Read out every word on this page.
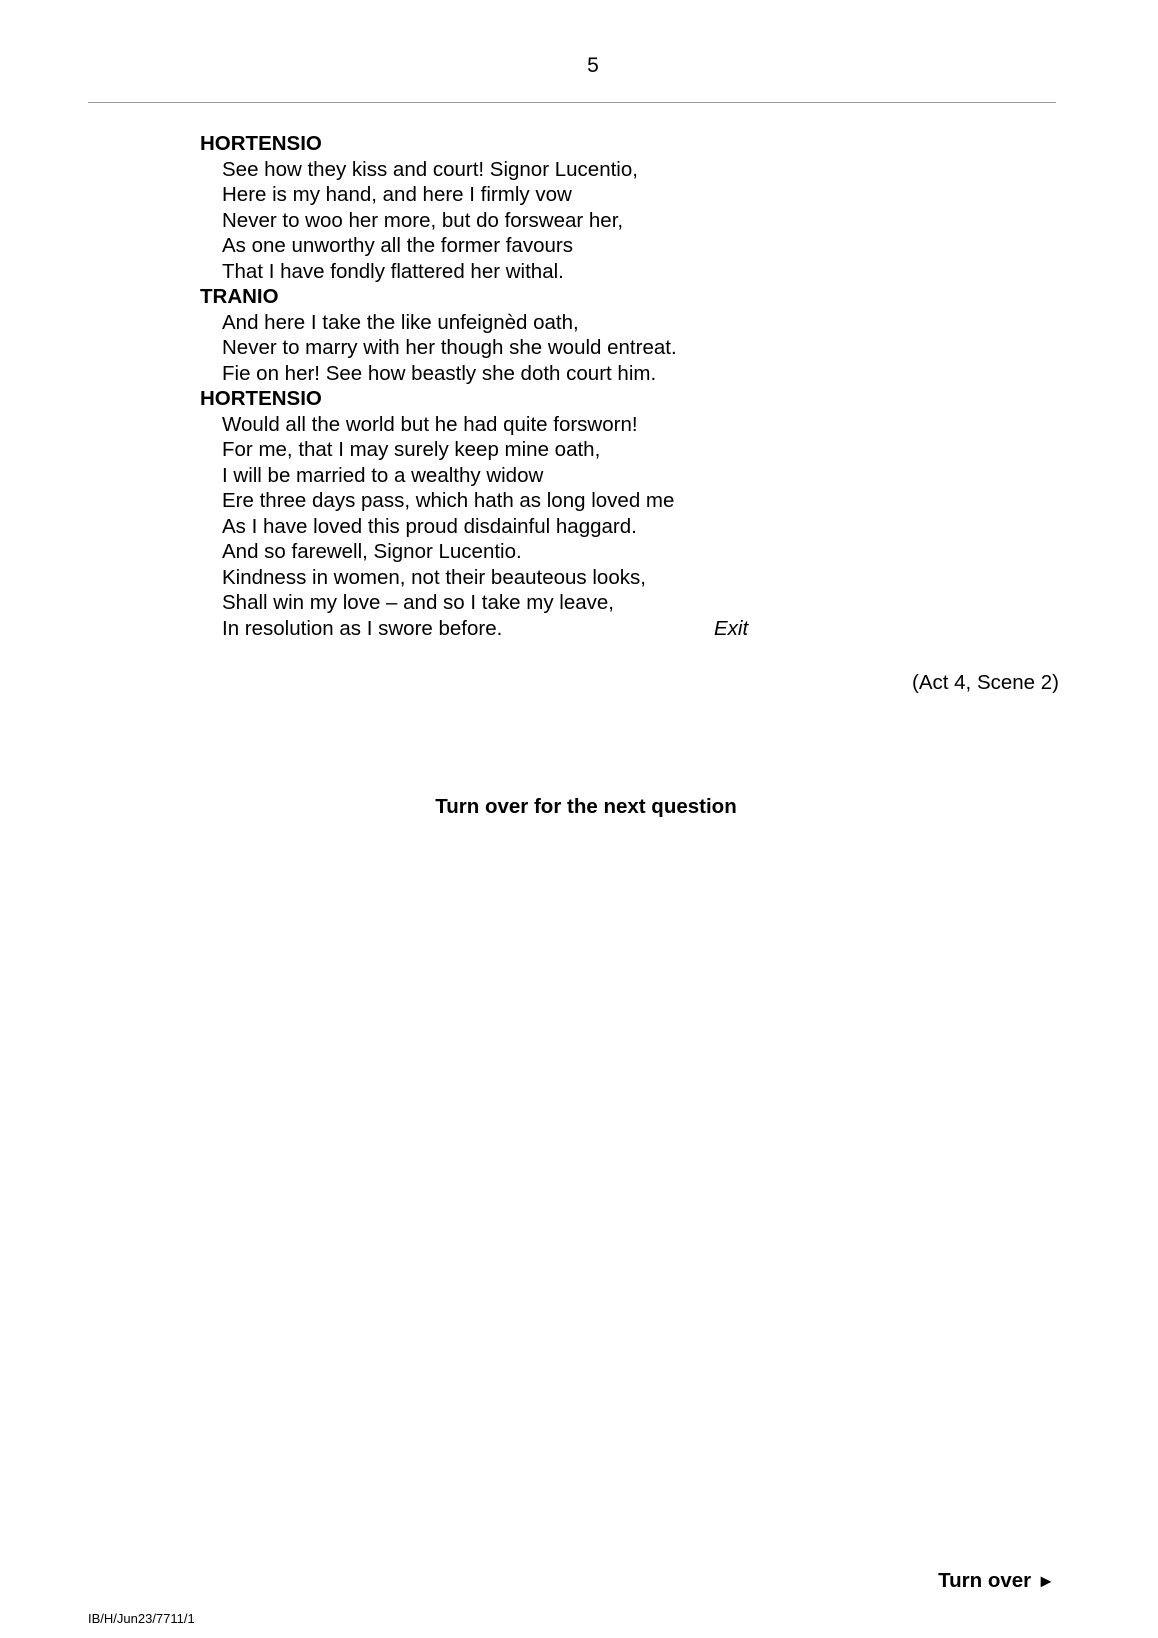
5
HORTENSIO
See how they kiss and court! Signor Lucentio,
Here is my hand, and here I firmly vow
Never to woo her more, but do forswear her,
As one unworthy all the former favours
That I have fondly flattered her withal.
TRANIO
And here I take the like unfeignèd oath,
Never to marry with her though she would entreat.
Fie on her! See how beastly she doth court him.
HORTENSIO
Would all the world but he had quite forsworn!
For me, that I may surely keep mine oath,
I will be married to a wealthy widow
Ere three days pass, which hath as long loved me
As I have loved this proud disdainful haggard.
And so farewell, Signor Lucentio.
Kindness in women, not their beauteous looks,
Shall win my love – and so I take my leave,
In resolution as I swore before.	Exit
(Act 4, Scene 2)
Turn over for the next question
Turn over ►
IB/H/Jun23/7711/1
